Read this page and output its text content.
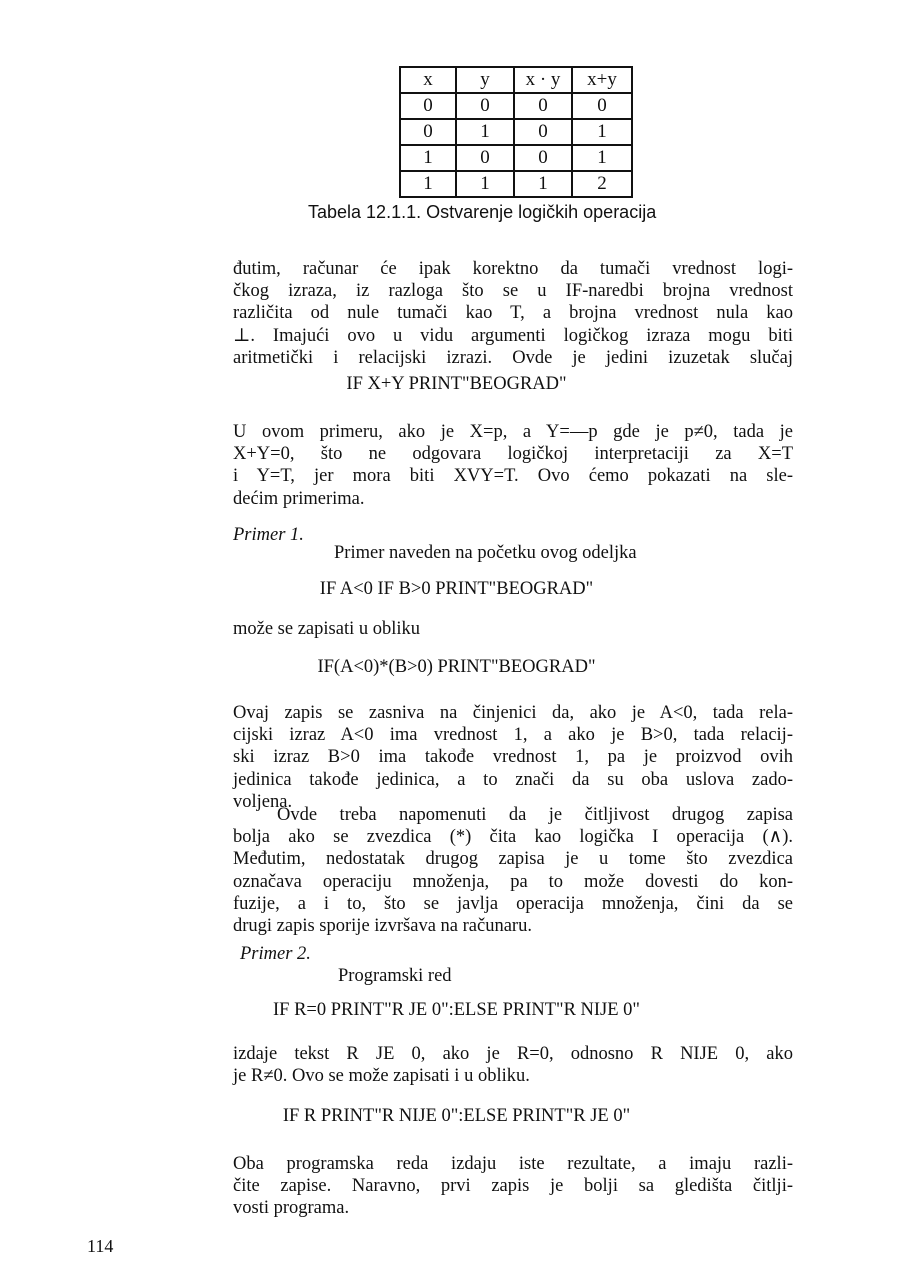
x	y	x · y	x+y
0	0	0	0
0	1	0	1
1	0	0	1
1	1	1	2
Tabela 12.1.1. Ostvarenje logičkih operacija
đutim, računar će ipak korektno da tumači vrednost logi-
čkog izraza, iz razloga što se u IF-naredbi brojna vrednost
različita od nule tumači kao T, a brojna vrednost nula kao
⊥. Imajući ovo u vidu argumenti logičkog izraza mogu biti
aritmetički i relacijski izrazi. Ovde je jedini izuzetak slučaj
IF X+Y PRINT"BEOGRAD"
U ovom primeru, ako je X=p, a Y=—p gde je p≠0, tada je
X+Y=0, što ne odgovara logičkoj interpretaciji za X=T
i Y=T, jer mora biti XVY=T. Ovo ćemo pokazati na sle-
dećim primerima.
Primer 1.
Primer naveden na početku ovog odeljka
IF A<0 IF B>0 PRINT"BEOGRAD"
može se zapisati u obliku
IF(A<0)*(B>0) PRINT"BEOGRAD"
Ovaj zapis se zasniva na činjenici da, ako je A<0, tada rela-
cijski izraz A<0 ima vrednost 1, a ako je B>0, tada relacij-
ski izraz B>0 ima takođe vrednost 1, pa je proizvod ovih
jedinica takođe jedinica, a to znači da su oba uslova zado-
voljena.
Ovde treba napomenuti da je čitljivost drugog zapisa
bolja ako se zvezdica (*) čita kao logička I operacija (∧).
Međutim, nedostatak drugog zapisa je u tome što zvezdica
označava operaciju množenja, pa to može dovesti do kon-
fuzije, a i to, što se javlja operacija množenja, čini da se
drugi zapis sporije izvršava na računaru.
Primer 2.
Programski red
IF R=0 PRINT"R JE 0":ELSE PRINT"R NIJE 0"
izdaje tekst R JE 0, ako je R=0, odnosno R NIJE 0, ako
je R≠0. Ovo se može zapisati i u obliku.
IF R PRINT"R NIJE 0":ELSE PRINT"R JE 0"
Oba programska reda izdaju iste rezultate, a imaju razli-
čite zapise. Naravno, prvi zapis je bolji sa gledišta čitlji-
vosti programa.
114
